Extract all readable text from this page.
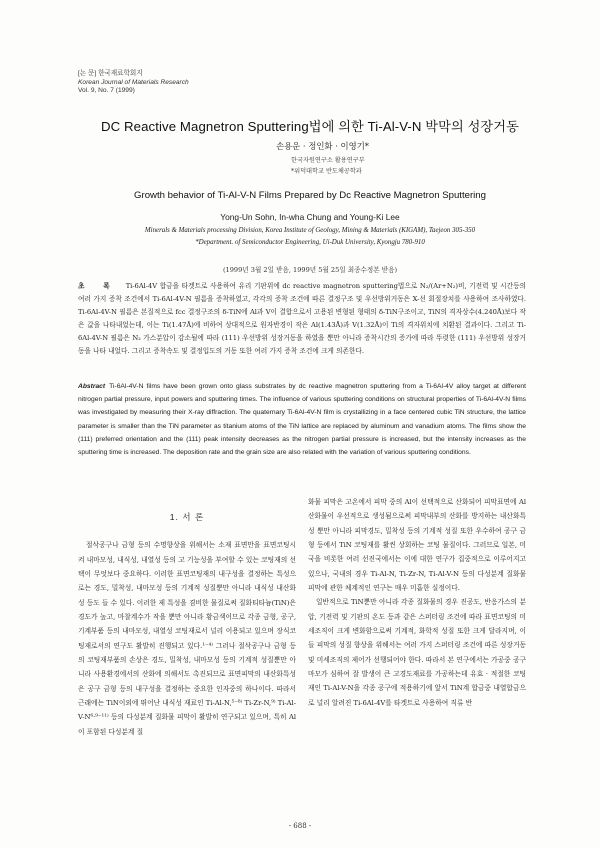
[논 문] 한국재료학회지
Korean Journal of Materials Research
Vol. 9, No. 7 (1999)
DC Reactive Magnetron Sputtering법에 의한 Ti-Al-V-N 박막의 성장거동
손용운 · 정인화 · 이영기*
한국자원연구소 활용연구부
*위덕대학교 반도체공학과
Growth behavior of Ti-Al-V-N Films Prepared by Dc Reactive Magnetron Sputtering
Yong-Un Sohn, In-wha Chung and Young-Ki Lee
Minerals & Materials processing Division, Korea Institute of Geology, Mining & Materials (KIGAM), Taejeon 305-350
*Department. of Semiconductor Engineering, Ui-Duk University, Kyongju 780-910
(1999년 3월 2일 받음, 1999년 5월 25일 최종수정본 받음)
초 록 Ti-6Al-4V 합금을 타겟트로 사용하여 유리 기판위에 dc reactive magnetron sputtering법으로 N₂/(Ar+N₂)비, 기전력 및 시간등의 여러 가지 증착 조건에서 Ti-6Al-4V-N 필름을 증착하였고, 각각의 증착 조건에 따른 결정구조 및 우선방위거동은 X-선 회절장치를 사용하여 조사하였다. Ti-6Al-4V-N 필름은 본질적으로 fcc 결정구조의 δ-TiN에 Al과 V이 결합으로서 고용된 변형된 형태의 δ-TiN구조이고, TiN의 격자상수(4.240Å)보다 작은 값을 나타내었는데, 이는 Ti(1.47Å)에 비하여 상대적으로 원자반경이 작은 Al(1.43Å)과 V(1.32Å)이 Ti의 격자위치에 치환된 결과이다. 그리고 Ti-6Al-4V-N 필름은 N₂ 가스분압이 감소될에 따라 (111) 우선방위 성장거동을 하였을 뿐만 아니라 증착시간의 증가에 따라 뚜렷한 (111) 우선방위 성장거동을 나타 내었다. 그리고 증착속도 및 결정입도의 거동 또한 여러 가지 증착 조건에 크게 의존한다.
Abstract Ti-6Al-4V-N films have been grown onto glass substrates by dc reactive magnetron sputtering from a Ti-6Al-4V alloy target at different nitrogen partial pressure, input powers and sputtering times. The influence of various sputtering conditions on structural properties of Ti-6Al-4V-N films was investigated by measuring their X-ray diffraction. The quaternary Ti-6Al-4V-N film is crystallizing in a face centered cubic TiN structure, the lattice parameter is smaller than the TiN parameter as titanium atoms of the TiN lattice are replaced by aluminum and vanadium atoms. The films show the (111) preferred orientation and the (111) peak intensity decreases as the nitrogen partial pressure is increased, but the intensity increases as the sputtering time is increased. The deposition rate and the grain size are also related with the variation of various sputtering conditions.
1. 서 론

절삭공구나 금형 등의 수명향상을 위해서는 소재 표면만을 표면코팅시켜 내마모성, 내식성, 내열성 등의 고 기능성을 부여할 수 있는 코팅재의 선택이 무엇보다 중요하다. 이러한 표면코팅재의 내구성을 결정하는 특성으로는 경도, 밀착성, 내마모성 등의 기계적 성질뿐만 아니라 내식성 내산화성 등도 들 수 있다. 이러한 제 특성을 겸비한 물질로써 질화티타늄(TiN)은 경도가 높고, 마찰계수가 작을 뿐만 아니라 황금색이므로 각종 금형, 공구, 기계부품 등의 내마모성, 내열성 코팅재로서 널리 이용되고 있으며 장식코팅재로서의 연구도 활발히 진행되고 있다.¹⁻⁴⁾ 그러나 절삭공구나 금형 등의 코팅재부품의 손상은 경도, 밀착성, 내마모성 등의 기계적 성질뿐만 아니라 사용환경에서의 산화에 의해서도 촉진되므로 표면피막의 내산화특성은 공구 금형 등의 내구성을 결정하는 중요한 인자중의 하나이다. 따라서 근래에는 TiN이외에 뛰어난 내식성 재료인 Ti-Al-N,⁵⁻⁸⁾ Ti-Zr-N,⁹⁾ Ti-Al-V-N⁶·⁹⁻¹¹⁾ 등의 다성분계 질화물 피막이 활발히 연구되고 있으며, 특히 Al이 포함된 다성분계 질

화물 피막은 고온에서 피막 중의 Al이 선택적으로 산화되어 피막표면에 Al 산화물이 우선적으로 생성됨으로써 피막내부의 산화를 방지하는 내산화특성 뿐만 아니라 피막경도, 밀착성 등의 기계적 성질 또한 우수하여 공구 금형 등에서 TiN 코팅재를 활씬 상회하는 코팅 물질이다. 그러므로 일본, 미국을 비롯한 여러 선진국에서는 이에 대한 연구가 집중적으로 이루어지고 있으나, 국내의 경우 Ti-Al-N, Ti-Zr-N, Ti-Al-V-N 등의 다성분계 질화물 피막에 관한 체계적인 연구는 매우 미흡한 실정이다.

일반적으로 TiN뿐만 아니라 각종 질화물의 경우 진공도, 반응가스의 분압, 기전력 및 기판의 온도 등과 같은 스퍼터링 조건에 따라 표면코팅의 미세조직이 크게 변화함으로써 기계적, 화학적 성질 또한 크게 달라지며, 이들 피막의 성질 향상을 위해서는 여러 가지 스퍼터링 조건에 따른 성장거동 및 미세조직의 제어가 선행되어야 한다. 따라서 본 연구에서는 가공중 공구 마모가 심하여 잘 발생이 큰 고경도재료를 가공하는데 유효 · 적절한 코팅재인 Ti-Al-V-N을 각종 공구에 적용하기에 앞서 TiN계 합금중 내열합금으로 널리 알려진 Ti-6Al-4V를 타겟트로 사용하여 직류 반

- 688 -
